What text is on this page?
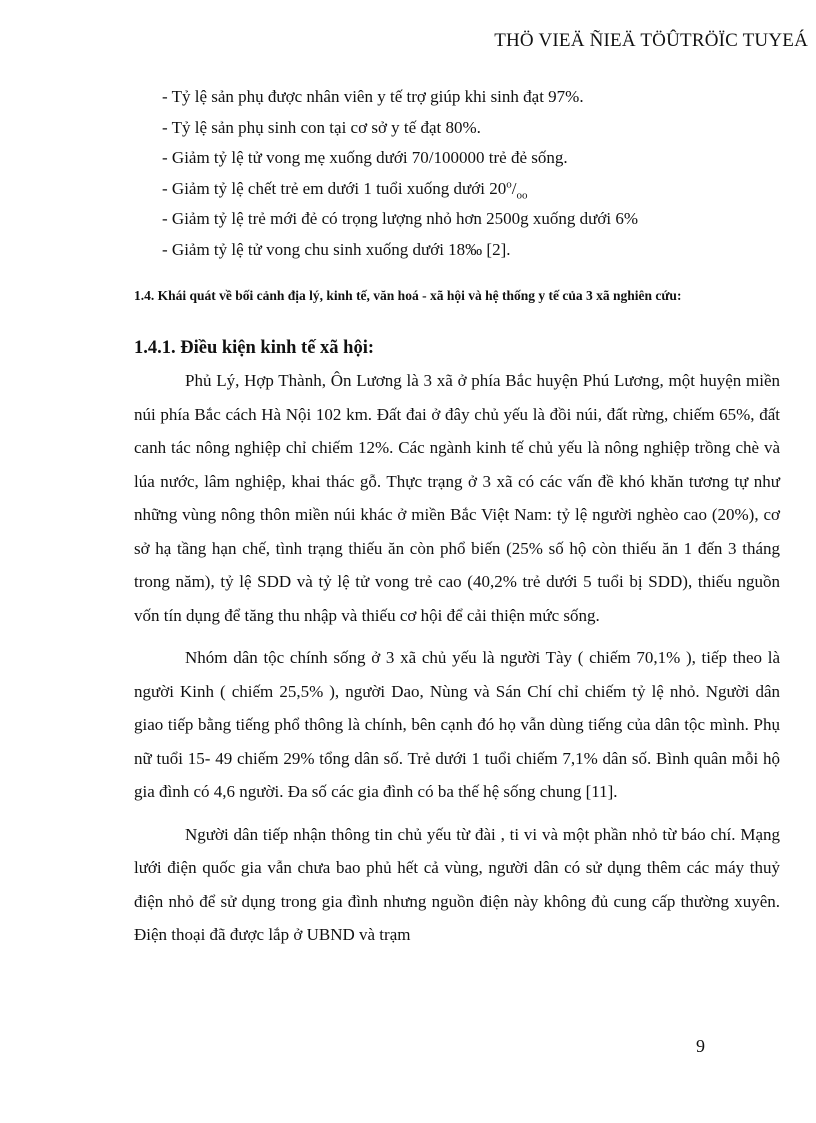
THÖ VIEÄ ÑIEÄ TÖÛTRÖÏC TUYEÁ
- Tỷ lệ sản phụ được nhân viên y tế trợ giúp khi sinh đạt 97%.
- Tỷ lệ sản phụ sinh con tại cơ sở y tế đạt 80%.
- Giảm tỷ lệ tử vong mẹ xuống dưới 70/100000 trẻ đẻ sống.
- Giảm tỷ lệ chết trẻ em dưới 1 tuổi xuống dưới $20^o/_{oo}$
- Giảm tỷ lệ trẻ mới đẻ có trọng lượng nhỏ hơn 2500g xuống dưới 6%
- Giảm tỷ lệ tử vong chu sinh xuống dưới 18‰ [2].
1.4. Khái quát về bối cảnh địa lý, kinh tế, văn hoá - xã hội và hệ thống y tế của 3 xã nghiên cứu:
1.4.1. Điều kiện kinh tế xã hội:

Phủ Lý, Hợp Thành, Ôn Lương là 3 xã ở phía Bắc huyện Phú Lương, một huyện miền núi phía Bắc cách Hà Nội 102 km. Đất đai ở đây chủ yếu là đồi núi, đất rừng, chiếm 65%, đất canh tác nông nghiệp chỉ chiếm 12%. Các ngành kinh tế chủ yếu là nông nghiệp trồng chè và lúa nước, lâm nghiệp, khai thác gỗ. Thực trạng ở 3 xã có các vấn đề khó khăn tương tự như những vùng nông thôn miền núi khác ở miền Bắc Việt Nam: tỷ lệ người nghèo cao (20%), cơ sở hạ tầng hạn chế, tình trạng thiếu ăn còn phổ biến (25% số hộ còn thiếu ăn 1 đến 3 tháng trong năm), tỷ lệ SDD và tỷ lệ tử vong trẻ cao (40,2% trẻ dưới 5 tuổi bị SDD), thiếu nguồn vốn tín dụng để tăng thu nhập và thiếu cơ hội để cải thiện mức sống.

Nhóm dân tộc chính sống ở 3 xã chủ yếu là người Tày ( chiếm 70,1% ), tiếp theo là người Kinh ( chiếm 25,5% ), người Dao, Nùng và Sán Chí chỉ chiếm tỷ lệ nhỏ. Người dân giao tiếp bằng tiếng phổ thông là chính, bên cạnh đó họ vẫn dùng tiếng của dân tộc mình. Phụ nữ tuổi 15- 49 chiếm 29% tổng dân số. Trẻ dưới 1 tuổi chiếm 7,1% dân số. Bình quân mỗi hộ gia đình có 4,6 người. Đa số các gia đình có ba thế hệ sống chung [11].

Người dân tiếp nhận thông tin chủ yếu từ đài , ti vi và một phần nhỏ từ báo chí. Mạng lưới điện quốc gia vẫn chưa bao phủ hết cả vùng, người dân có sử dụng thêm các máy thuỷ điện nhỏ để sử dụng trong gia đình nhưng nguồn điện này không đủ cung cấp thường xuyên. Điện thoại đã được lắp ở UBND và trạm

9
